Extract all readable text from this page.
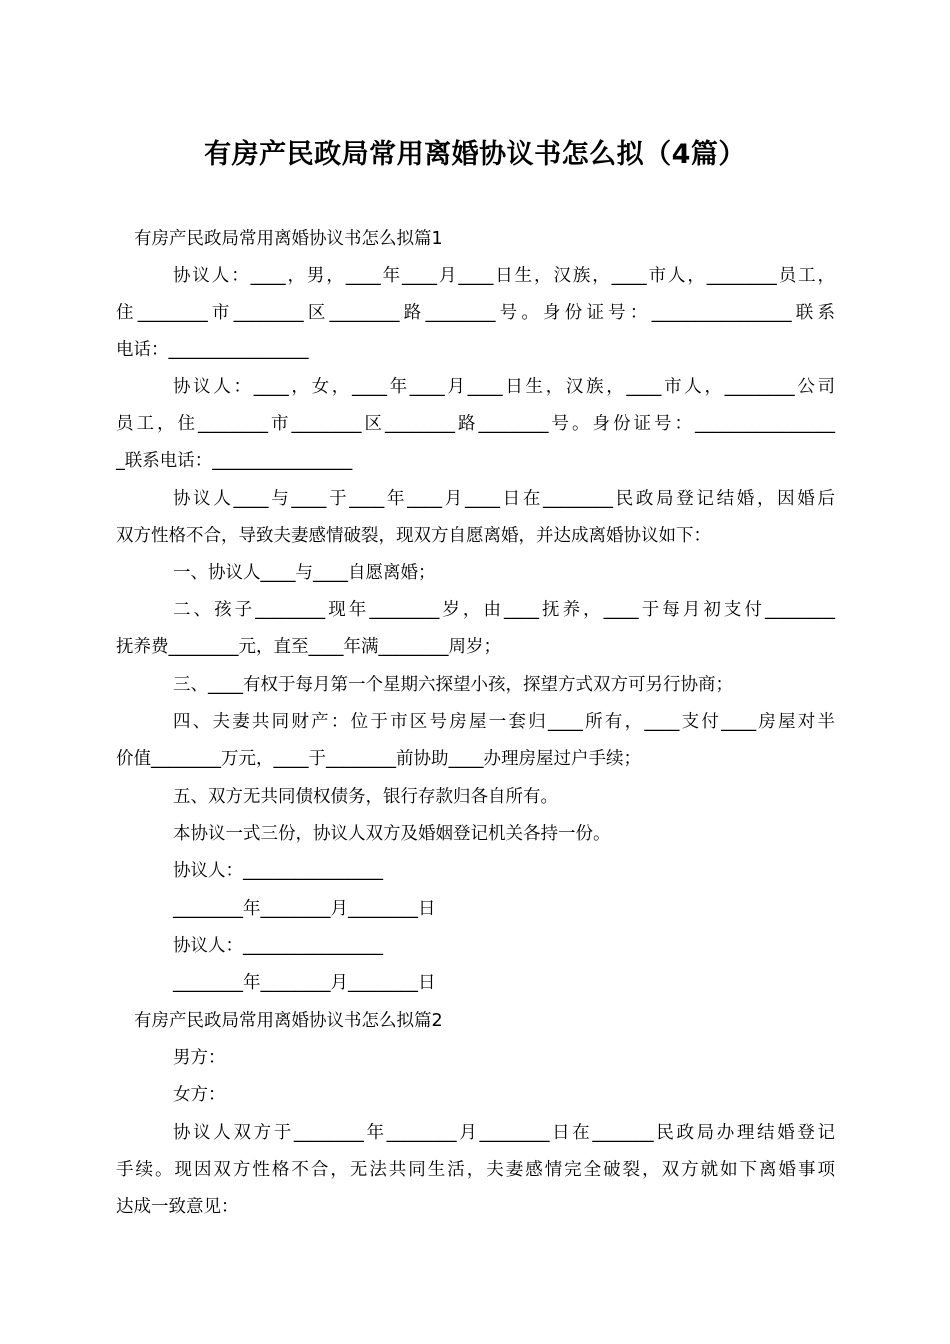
有房产民政局常用离婚协议书怎么拟（4篇）
有房产民政局常用离婚协议书怎么拟篇1
协议人：____，男，____年____月____日生，汉族，____市人，________员工，
住________市________区________路________号。身份证号：________________联系
电话：________________
协议人：____，女，____年____月____日生，汉族，____市人，________公司
员工，住________市________区________路________号。身份证号：________________
_联系电话：________________
协议人____与____于____年____月____日在________民政局登记结婚，因婚后
双方性格不合，导致夫妻感情破裂，现双方自愿离婚，并达成离婚协议如下：
一、协议人____与____自愿离婚；
二、孩子________现年________岁，由____抚养，____于每月初支付________
抚养费________元，直至____年满________周岁；
三、____有权于每月第一个星期六探望小孩，探望方式双方可另行协商；
四、夫妻共同财产：位于市区号房屋一套归____所有，____支付____房屋对半
价值________万元，____于________前协助____办理房屋过户手续；
五、双方无共同债权债务，银行存款归各自所有。
本协议一式三份，协议人双方及婚姻登记机关各持一份。
协议人：________________
________年________月________日
协议人：________________
________年________月________日
有房产民政局常用离婚协议书怎么拟篇2
男方：
女方：
协议人双方于________年________月________日在_______民政局办理结婚登记
手续。现因双方性格不合，无法共同生活，夫妻感情完全破裂，双方就如下离婚事项
达成一致意见：
